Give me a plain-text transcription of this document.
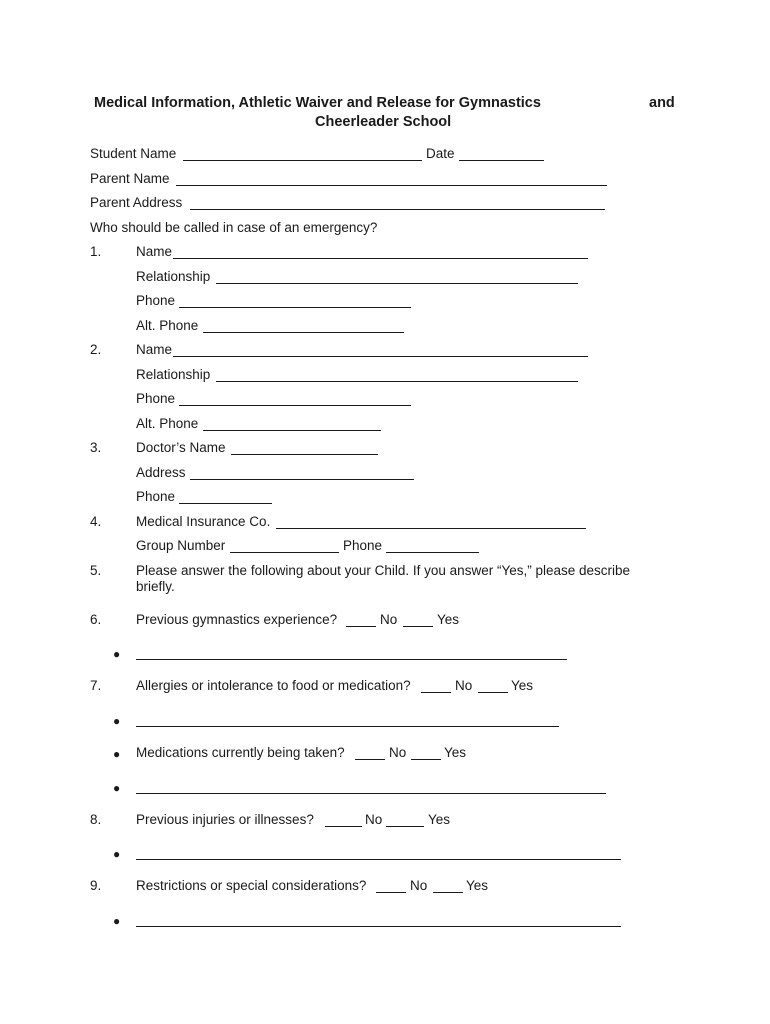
Medical Information, Athletic Waiver and Release for Gymnastics	and
Cheerleader School
Student Name	Date
Parent Name
Parent Address
Who should be called in case of an emergency?
1.	Name
Relationship
Phone
Alt. Phone
2.	Name
Relationship
Phone
Alt. Phone
3.	Doctor’s Name
Address
Phone
4.	Medical Insurance Co.
Group Number	Phone
5.	Please answer the following about your Child. If you answer “Yes,” please describe
briefly.
6.	Previous gymnastics experience?	No	Yes
●
7.	Allergies or intolerance to food or medication?	No	Yes
●
● Medications currently being taken?	No	Yes
●
8.	Previous injuries or illnesses?	No	Yes
●
9.	Restrictions or special considerations?	No	Yes
●
